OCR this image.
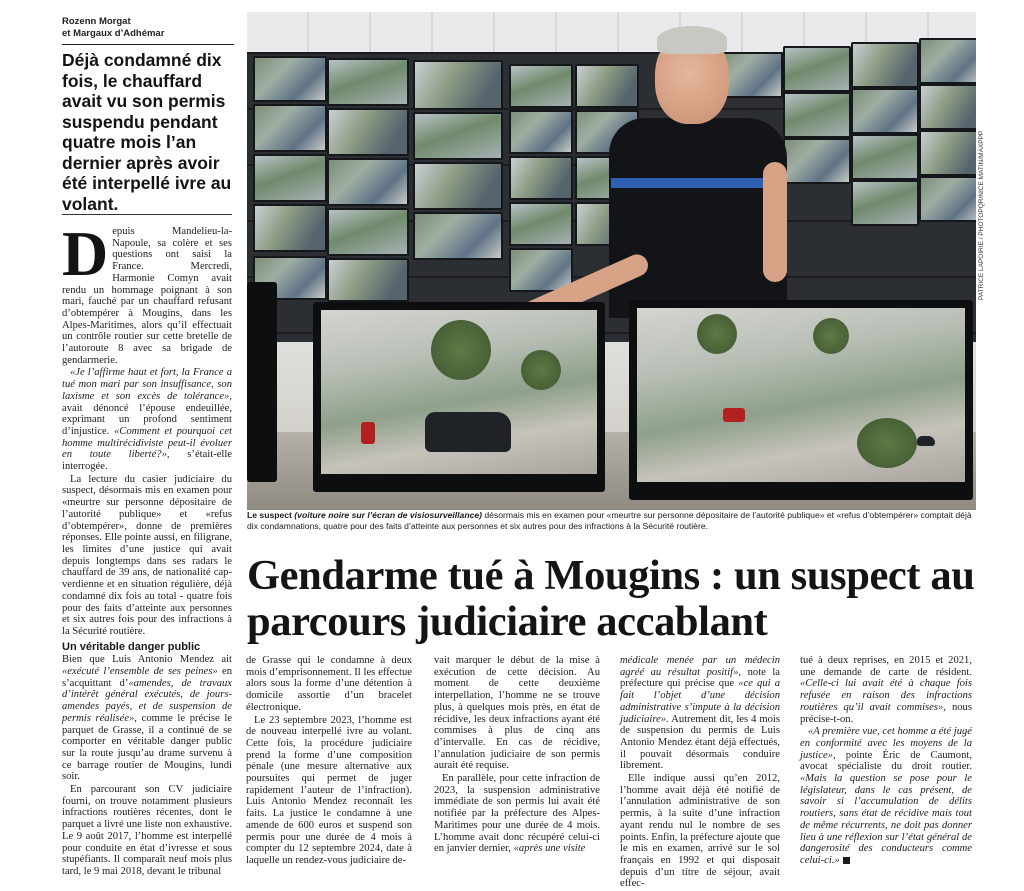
Rozenn Morgat
et Margaux d’Adhémar
Déjà condamné dix fois, le chauffard avait vu son permis suspendu pendant quatre mois l’an dernier après avoir été interpellé ivre au volant.	PATRICE LAPOIRIE / PHOTOPQR/NICE MATIN/MAXPPP
Le suspect (voiture noire sur l’écran de visiosurveillance) désormais mis en examen pour «meurtre sur personne dépositaire de l’autorité publique» et «refus d’obtempérer» comptait déjà dix condamnations, quatre pour des faits d’atteinte aux personnes et six autres pour des infractions à la Sécurité routière.
Gendarme tué à Mougins : un suspect au parcours judiciaire accablant

Depuis Mandelieu-la-Napoule, sa colère et ses questions ont saisi la France. Mercredi, Harmonie Comyn avait rendu un hommage poignant à son mari, fauché par un chauffard refusant d’obtempérer à Mougins, dans les Alpes-Maritimes, alors qu’il effectuait un contrôle routier sur cette bretelle de l’autoroute 8 avec sa brigade de gendarmerie.

«Je l’affirme haut et fort, la France a tué mon mari par son insuffisance, son laxisme et son excès de tolérance», avait dénoncé l’épouse endeuillée, exprimant un profond sentiment d’injustice. «Comment et pourquoi cet homme multirécidiviste peut-il évoluer en toute liberté?», s’était-elle interrogée.

La lecture du casier judiciaire du suspect, désormais mis en examen pour «meurtre sur personne dépositaire de l’autorité publique» et «refus d’obtempérer», donne de premières réponses. Elle pointe aussi, en filigrane, les limites d’une justice qui avait depuis longtemps dans ses radars le chauffard de 39 ans, de nationalité cap-verdienne et en situation régulière, déjà condamné dix fois au total - quatre fois pour des faits d’atteinte aux personnes et six autres fois pour des infractions à la Sécurité routière.

Un véritable danger public

Bien que Luis Antonio Mendez ait «exécuté l’ensemble de ses peines» en s’acquittant d’«amendes, de travaux d’intérêt général exécutés, de jours-amendes payés, et de suspension de permis réalisée», comme le précise le parquet de Grasse, il a continué de se comporter en véritable danger public sur la route jusqu’au drame survenu à ce barrage routier de Mougins, lundi soir.

En parcourant son CV judiciaire fourni, on trouve notamment plusieurs infractions routières récentes, dont le parquet a livré une liste non exhaustive. Le 9 août 2017, l’homme est interpellé pour conduite en état d’ivresse et sous stupéfiants. Il comparaît neuf mois plus tard, le 9 mai 2018, devant le tribunal

de Grasse qui le condamne à deux mois d’emprisonnement. Il les effectue alors sous la forme d’une détention à domicile assortie d’un bracelet électronique.

Le 23 septembre 2023, l’homme est de nouveau interpellé ivre au volant. Cette fois, la procédure judiciaire prend la forme d’une composition pénale (une mesure alternative aux poursuites qui permet de juger rapidement l’auteur de l’infraction). Luis Antonio Mendez reconnaît les faits. La justice le condamne à une amende de 600 euros et suspend son permis pour une durée de 4 mois à compter du 12 septembre 2024, date à laquelle un rendez-vous judiciaire de-

vait marquer le début de la mise à exécution de cette décision. Au moment de cette deuxième interpellation, l’homme ne se trouve plus, à quelques mois près, en état de récidive, les deux infractions ayant été commises à plus de cinq ans d’intervalle. En cas de récidive, l’annulation judiciaire de son permis aurait été requise.

En parallèle, pour cette infraction de 2023, la suspension administrative immédiate de son permis lui avait été notifiée par la préfecture des Alpes-Maritimes pour une durée de 4 mois. L’homme avait donc récupéré celui-ci en janvier dernier, «après une visite

médicale menée par un médecin agréé au résultat positif», note la préfecture qui précise que «ce qui a fait l’objet d’une décision administrative s’impute à la décision judiciaire». Autrement dit, les 4 mois de suspension du permis de Luis Antonio Mendez étant déjà effectués, il pouvait désormais conduire librement.

Elle indique aussi qu’en 2012, l’homme avait déjà été notifié de l’annulation administrative de son permis, à la suite d’une infraction ayant rendu nul le nombre de ses points. Enfin, la préfecture ajoute que le mis en examen, arrivé sur le sol français en 1992 et qui disposait depuis d’un titre de séjour, avait effec-

tué à deux reprises, en 2015 et 2021, une demande de carte de résident. «Celle-ci lui avait été à chaque fois refusée en raison des infractions routières qu’il avait commises», nous précise-t-on.

«A première vue, cet homme a été jugé en conformité avec les moyens de la justice», pointe Éric de Caumont, avocat spécialiste du droit routier. «Mais la question se pose pour le législateur, dans le cas présent, de savoir si l’accumulation de délits routiers, sans état de récidive mais tout de même récurrents, ne doit pas donner lieu à une réflexion sur l’état général de dangerosité des conducteurs comme celui-ci.»
